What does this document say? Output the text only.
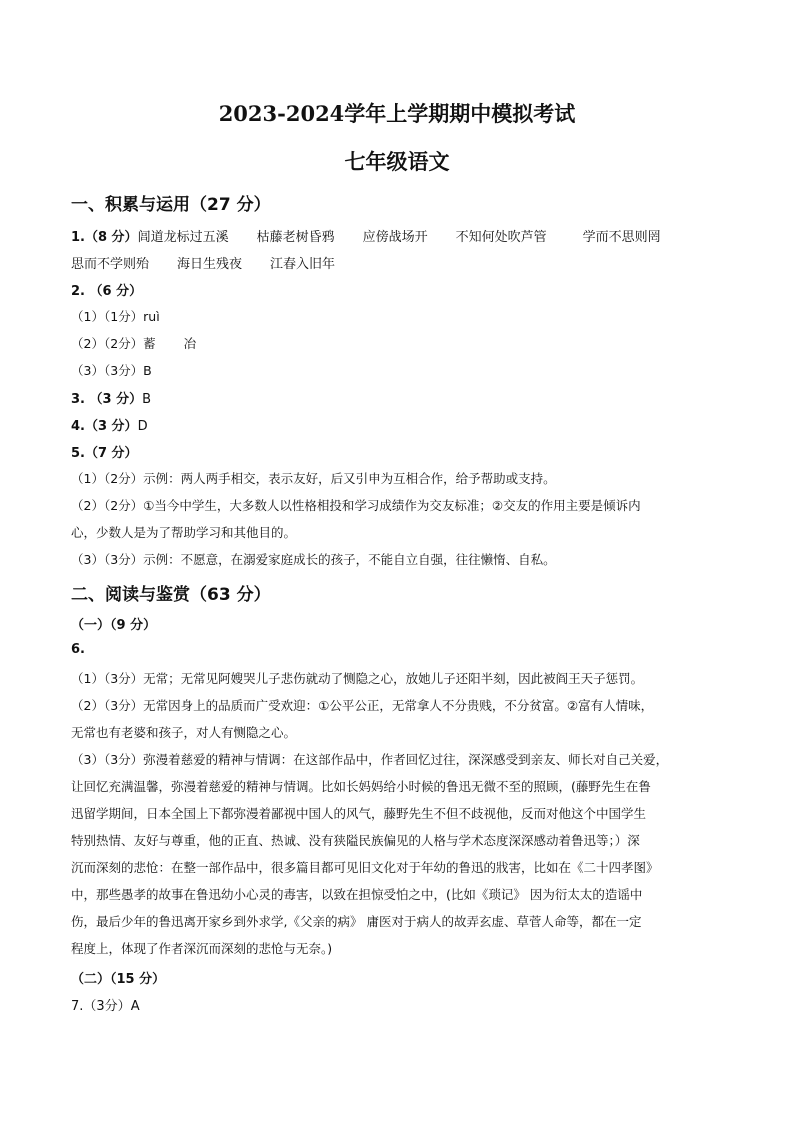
2023-2024学年上学期期中模拟考试
七年级语文
一、积累与运用（27 分）
1.（8 分）闾道龙标过五溪 枯藤老树昏鸦 应傍战场开 不知何处吹芦管	学而不思则罔
思而不学则殆 海日生残夜 江春入旧年
2. （6 分）
（1）（1分）ruì
（2）（2分）蓄 冶
（3）（3分）B
3. （3 分）B
4.（3 分）D
5.（7 分）
（1）（2分）示例：两人两手相交，表示友好，后又引申为互相合作，给予帮助或支持。
（2）（2分）①当今中学生，大多数人以性格相投和学习成绩作为交友标准；②交友的作用主要是倾诉内
心，少数人是为了帮助学习和其他目的。
（3）（3分）示例：不愿意，在溺爱家庭成长的孩子，不能自立自强，往往懒惰、自私。
二、阅读与鉴赏（63 分）
（一）（9 分）
6.
（1）（3分）无常；无常见阿嫂哭儿子悲伤就动了恻隐之心，放她儿子还阳半刻，因此被阎王天子惩罚。
（2）（3分）无常因身上的品质而广受欢迎：①公平公正，无常拿人不分贵贱，不分贫富。②富有人情味，
无常也有老婆和孩子，对人有恻隐之心。
（3）（3分）弥漫着慈爱的精神与情调：在这部作品中，作者回忆过往，深深感受到亲友、师长对自己关爱，
让回忆充满温馨，弥漫着慈爱的精神与情调。比如长妈妈给小时候的鲁迅无微不至的照顾，(藤野先生在鲁
迅留学期间，日本全国上下都弥漫着鄙视中国人的风气，藤野先生不但不歧视他，反而对他这个中国学生
特别热情、友好与尊重，他的正直、热诚、没有狭隘民族偏见的人格与学术态度深深感动着鲁迅等；）深
沉而深刻的悲怆：在整一部作品中，很多篇目都可见旧文化对于年幼的鲁迅的戕害，比如在《二十四孝图》
中，那些愚孝的故事在鲁迅幼小心灵的毒害，以致在担惊受怕之中，(比如《琐记》 因为衍太太的造谣中
伤，最后少年的鲁迅离开家乡到外求学,《父亲的病》 庸医对于病人的故弄玄虚、草菅人命等，都在一定
程度上，体现了作者深沉而深刻的悲怆与无奈。)
（二）（15 分）
7.（3分）A
